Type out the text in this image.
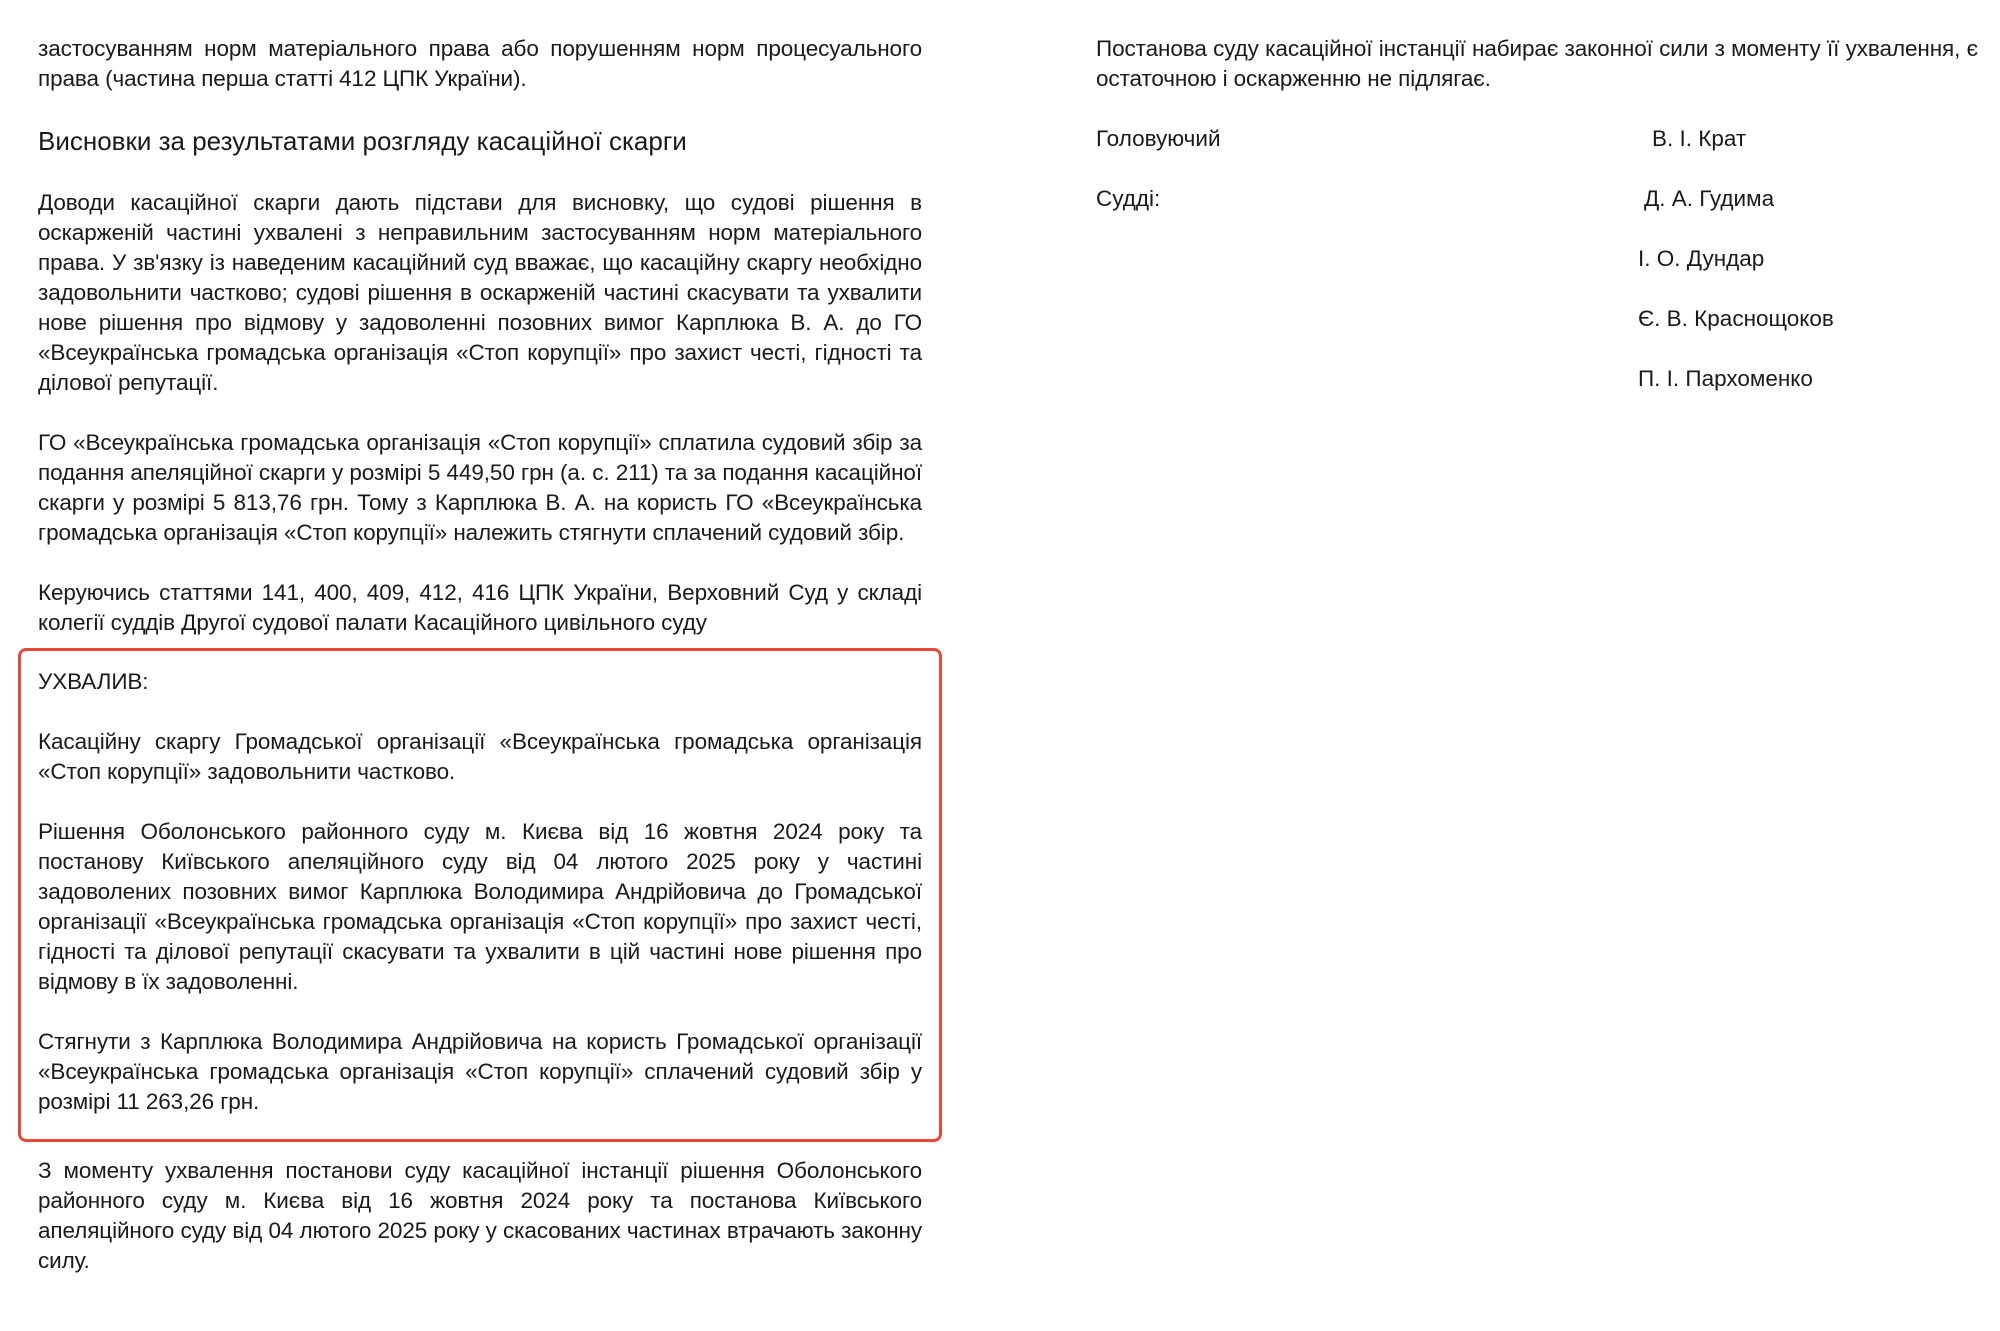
застосуванням норм матеріального права або порушенням норм процесуального права (частина перша статті 412 ЦПК України).

Висновки за результатами розгляду касаційної скарги

Доводи касаційної скарги дають підстави для висновку, що судові рішення в оскарженій частині ухвалені з неправильним застосуванням норм матеріального права. У зв'язку із наведеним касаційний суд вважає, що касаційну скаргу необхідно задовольнити частково; судові рішення в оскарженій частині скасувати та ухвалити нове рішення про відмову у задоволенні позовних вимог Карплюка В. А. до ГО «Всеукраїнська громадська організація «Стоп корупції» про захист честі, гідності та ділової репутації.

ГО «Всеукраїнська громадська організація «Стоп корупції» сплатила судовий збір за подання апеляційної скарги у розмірі 5 449,50 грн (а. с. 211) та за подання касаційної скарги у розмірі 5 813,76 грн. Тому з Карплюка В. А. на користь ГО «Всеукраїнська громадська організація «Стоп корупції» належить стягнути сплачений судовий збір.

Керуючись статтями 141, 400, 409, 412, 416 ЦПК України, Верховний Суд у складі колегії суддів Другої судової палати Касаційного цивільного суду

УХВАЛИВ:

Касаційну скаргу Громадської організації «Всеукраїнська громадська організація «Стоп корупції» задовольнити частково.

Рішення Оболонського районного суду м. Києва від 16 жовтня 2024 року та постанову Київського апеляційного суду від 04 лютого 2025 року у частині задоволених позовних вимог Карплюка Володимира Андрійовича до Громадської організації «Всеукраїнська громадська організація «Стоп корупції» про захист честі, гідності та ділової репутації скасувати та ухвалити в цій частині нове рішення про відмову в їх задоволенні.

Стягнути з Карплюка Володимира Андрійовича на користь Громадської організації «Всеукраїнська громадська організація «Стоп корупції» сплачений судовий збір у розмірі 11 263,26 грн.

З моменту ухвалення постанови суду касаційної інстанції рішення Оболонського районного суду м. Києва від 16 жовтня 2024 року та постанова Київського апеляційного суду від 04 лютого 2025 року у скасованих частинах втрачають законну силу.

Постанова суду касаційної інстанції набирає законної сили з моменту її ухвалення, є остаточною і оскарженню не підлягає.

Головуючий	В. І. Крат
Судді:	Д. А. Гудима
І. О. Дундар
Є. В. Краснощоков
П. І. Пархоменко
